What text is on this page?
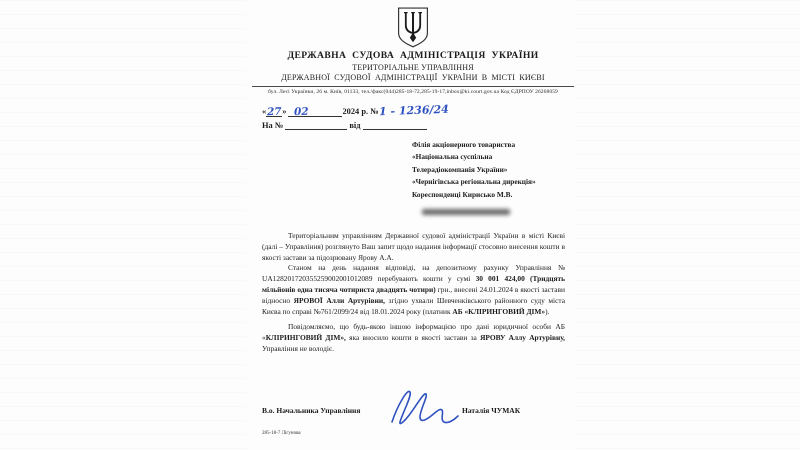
ДЕРЖАВНА СУДОВА АДМІНІСТРАЦІЯ УКРАЇНИ
ТЕРИТОРІАЛЬНЕ УПРАВЛІННЯ
ДЕРЖАВНОЇ СУДОВОЇ АДМІНІСТРАЦІЇ УКРАЇНИ В МІСТІ КИЄВІ
бул. Лесі Українки, 26 м. Київ, 01133, тел./факс(044)285-18-72,285-19-17,inbox@ki.court.gov.ua Код ЄДРПОУ 26268059
«27» 02	2024 р. №1 - 1236/24
На №	від
Філія акціонерного товариства
«Національна суспільна
Телерадіокомпанія України»
«Чернігівська регіональна дирекція»
Кореспонденці Кирисько М.В.

Територіальним управлінням Державної судової адміністрації України в місті Києві (далі – Управління) розглянуто Ваш запит щодо надання інформації стосовно внесення кошти в якості застави за підозрювану Ярову А.А.

Станом на день надання відповіді, на депозитному рахунку Управління № UA128201720355259002001012089 перебувають кошти у сумі 30 001 424,00 (Тридцять мільйонів одна тисяча чотириста двадцять чотири) грн., внесені 24.01.2024 в якості застави відносно ЯРОВОЇ Алли Артурівни, згідно ухвали Шевченківського районного суду міста Києва по справі №761/2099/24 від 18.01.2024 року (платник АБ «КЛІРИНГОВИЙ ДІМ»).

Повідомляємо, що будь-якою іншою інформацією про дані юридичної особи АБ «КЛІРИНГОВИЙ ДІМ», яка вносило кошти в якості застави за ЯРОВУ Аллу Артурівну, Управління не володіє.

В.о. Начальника Управління	Наталія ЧУМАК
285-18-7 Лігунова
